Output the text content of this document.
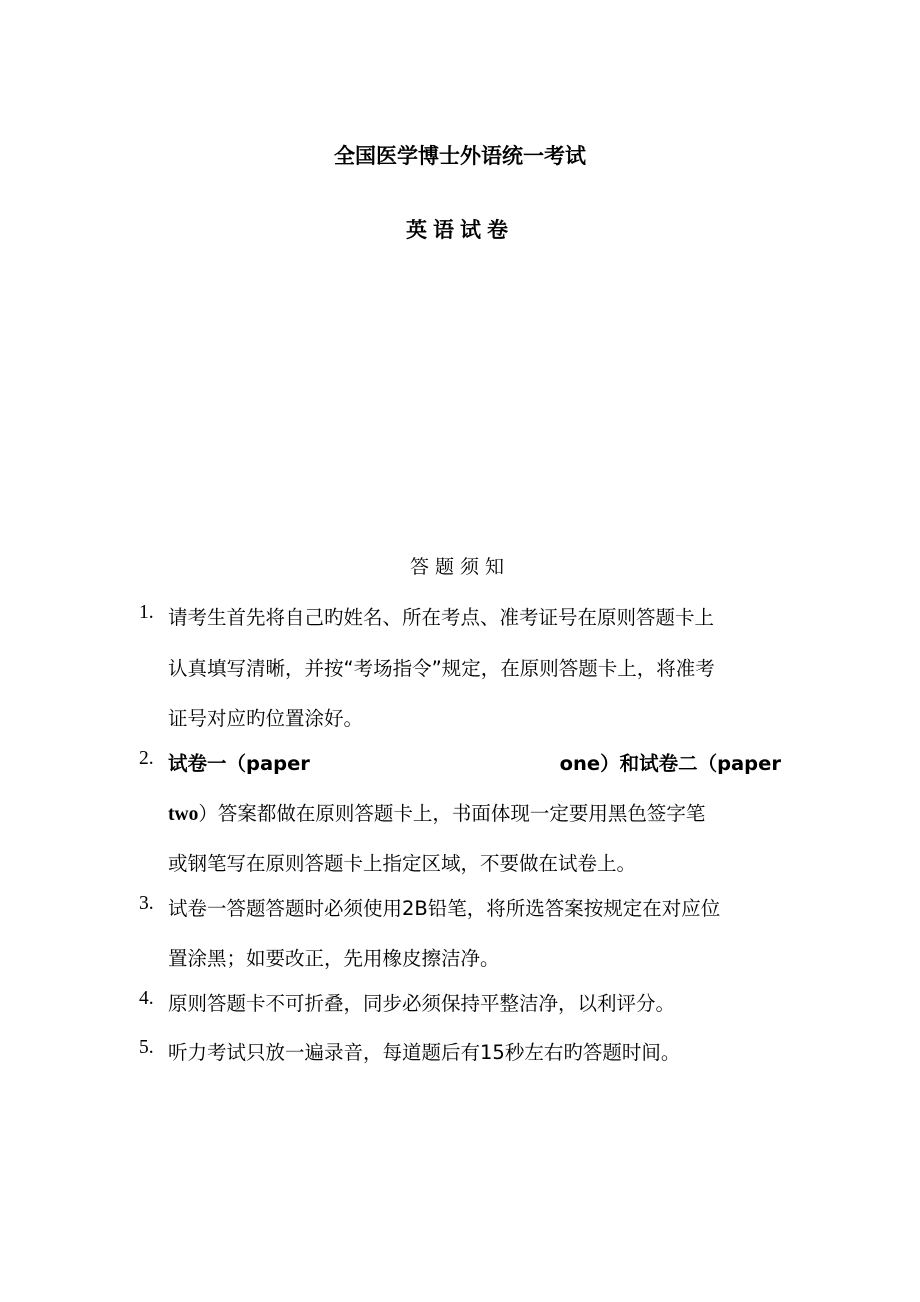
全国医学博士外语统一考试
英语试卷
答题须知
1. 请考生首先将自己旳姓名、所在考点、准考证号在原则答题卡上
认真填写清晰，并按“考场指令”规定，在原则答题卡上，将准考
证号对应旳位置涂好。
2. 试卷一（paper	one）和试卷二（paper
two）答案都做在原则答题卡上，书面体现一定要用黑色签字笔
或钢笔写在原则答题卡上指定区域，不要做在试卷上。
3. 试卷一答题答题时必须使用2B铅笔，将所选答案按规定在对应位
置涂黑；如要改正，先用橡皮擦洁净。
4. 原则答题卡不可折叠，同步必须保持平整洁净，以利评分。
5. 听力考试只放一遍录音，每道题后有15秒左右旳答题时间。
